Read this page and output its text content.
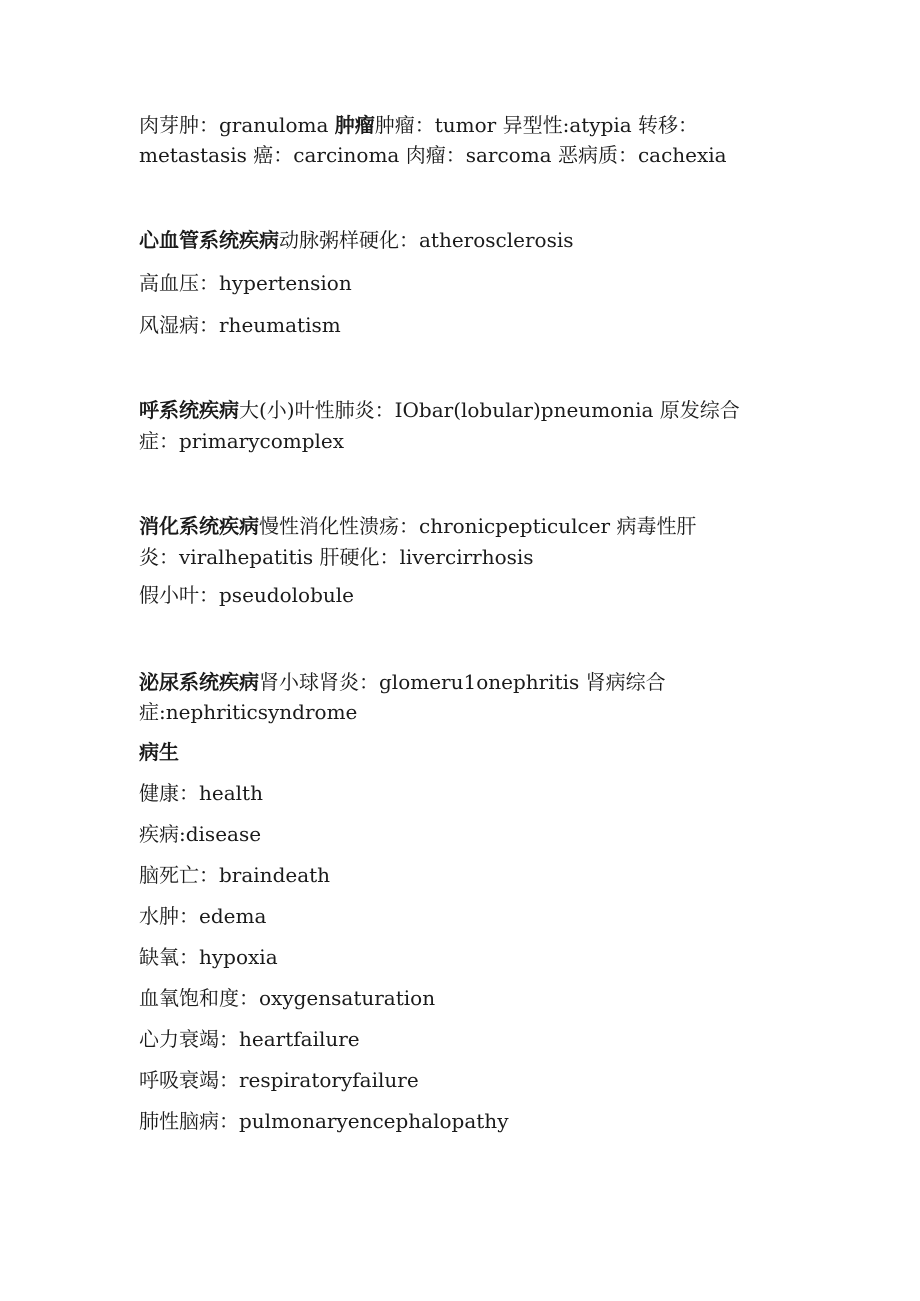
肉芽肿：granuloma 肿瘤肿瘤：tumor 异型性:atypia 转移：
metastasis 癌：carcinoma 肉瘤：sarcoma 恶病质：cachexia
心血管系统疾病动脉粥样硬化：atherosclerosis
高血压：hypertension
风湿病：rheumatism
呼系统疾病大(小)叶性肺炎：IObar(lobular)pneumonia 原发综合
症：primarycomplex
消化系统疾病慢性消化性溃疡：chronicpepticulcer 病毒性肝
炎：viralhepatitis 肝硬化：livercirrhosis
假小叶：pseudolobule
泌尿系统疾病肾小球肾炎：glomeru1onephritis 肾病综合
症:nephriticsyndrome
病生
健康：health
疾病:disease
脑死亡：braindeath
水肿：edema
缺氧：hypoxia
血氧饱和度：oxygensaturation
心力衰竭：heartfailure
呼吸衰竭：respiratoryfailure
肺性脑病：pulmonaryencephalopathy
